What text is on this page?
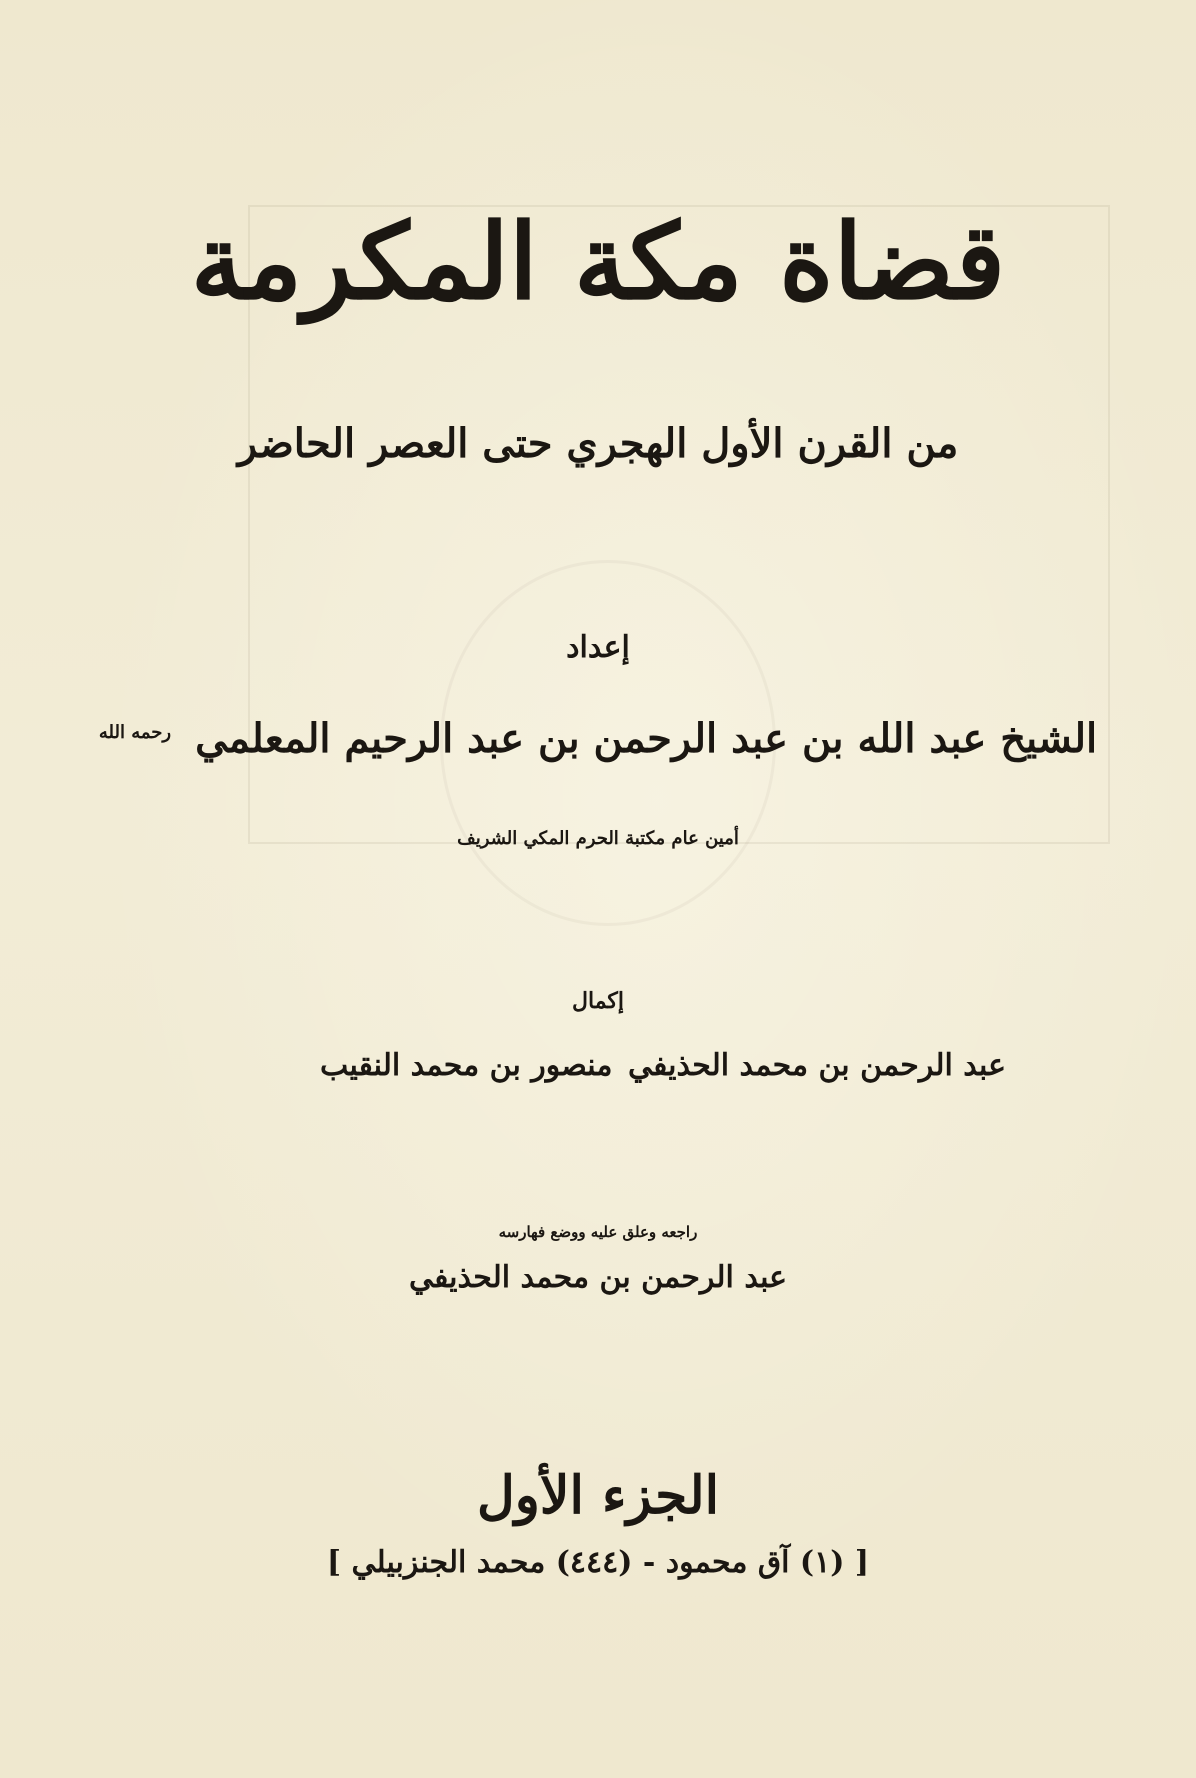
قضاة مكة المكرمة
من القرن الأول الهجري حتى العصر الحاضر
إعداد
الشيخ عبد الله بن عبد الرحمن بن عبد الرحيم المعلمي $^{رحمه الله}$
أمين عام مكتبة الحرم المكي الشريف
إكمال
عبد الرحمن بن محمد الحذيفي
منصور بن محمد النقيب
راجعه وعلق عليه ووضع فهارسه
عبد الرحمن بن محمد الحذيفي
الجزء الأول
[ (١) آق محمود - (٤٤٤) محمد الجنزبيلي ]
